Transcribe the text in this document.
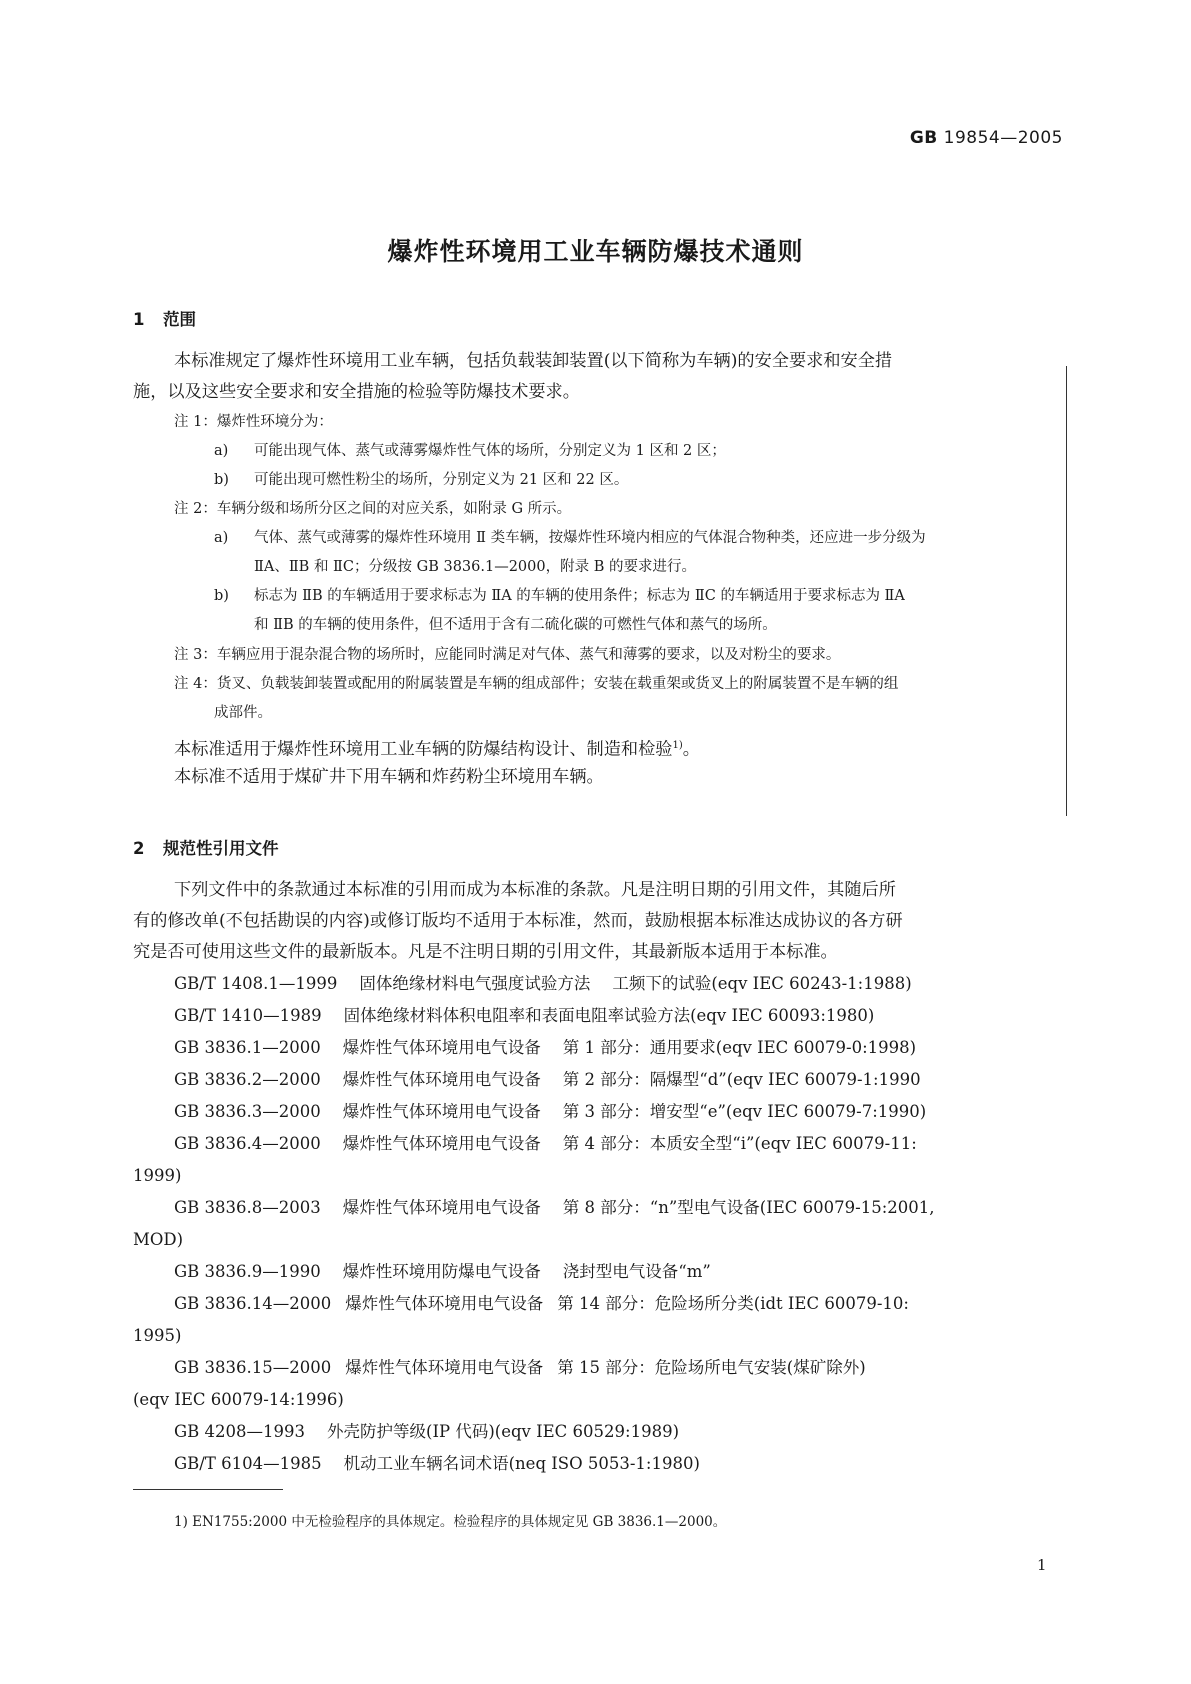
GB 19854—2005
爆炸性环境用工业车辆防爆技术通则
1 范围
本标准规定了爆炸性环境用工业车辆，包括负载装卸装置(以下简称为车辆)的安全要求和安全措
施，以及这些安全要求和安全措施的检验等防爆技术要求。
注 1：爆炸性环境分为：
a) 可能出现气体、蒸气或薄雾爆炸性气体的场所，分别定义为 1 区和 2 区；
b) 可能出现可燃性粉尘的场所，分别定义为 21 区和 22 区。
注 2：车辆分级和场所分区之间的对应关系，如附录 G 所示。
a) 气体、蒸气或薄雾的爆炸性环境用 Ⅱ 类车辆，按爆炸性环境内相应的气体混合物种类，还应进一步分级为
ⅡA、ⅡB 和 ⅡC；分级按 GB 3836.1—2000，附录 B 的要求进行。
b) 标志为 ⅡB 的车辆适用于要求标志为 ⅡA 的车辆的使用条件；标志为 ⅡC 的车辆适用于要求标志为 ⅡA
和 ⅡB 的车辆的使用条件，但不适用于含有二硫化碳的可燃性气体和蒸气的场所。
注 3：车辆应用于混杂混合物的场所时，应能同时满足对气体、蒸气和薄雾的要求，以及对粉尘的要求。
注 4：货叉、负载装卸装置或配用的附属装置是车辆的组成部件；安装在载重架或货叉上的附属装置不是车辆的组
成部件。
本标准适用于爆炸性环境用工业车辆的防爆结构设计、制造和检验$^{1)}$。
本标准不适用于煤矿井下用车辆和炸药粉尘环境用车辆。
2 规范性引用文件
下列文件中的条款通过本标准的引用而成为本标准的条款。凡是注明日期的引用文件，其随后所
有的修改单(不包括勘误的内容)或修订版均不适用于本标准，然而，鼓励根据本标准达成协议的各方研
究是否可使用这些文件的最新版本。凡是不注明日期的引用文件，其最新版本适用于本标准。
GB/T 1408.1—1999 固体绝缘材料电气强度试验方法 工频下的试验(eqv IEC 60243-1:1988)
GB/T 1410—1989 固体绝缘材料体积电阻率和表面电阻率试验方法(eqv IEC 60093:1980)
GB 3836.1—2000 爆炸性气体环境用电气设备 第 1 部分：通用要求(eqv IEC 60079-0:1998)
GB 3836.2—2000 爆炸性气体环境用电气设备 第 2 部分：隔爆型“d”(eqv IEC 60079-1:1990
GB 3836.3—2000 爆炸性气体环境用电气设备 第 3 部分：增安型“e”(eqv IEC 60079-7:1990)
GB 3836.4—2000 爆炸性气体环境用电气设备 第 4 部分：本质安全型“i”(eqv IEC 60079-11:
1999)
GB 3836.8—2003 爆炸性气体环境用电气设备 第 8 部分：“n”型电气设备(IEC 60079-15:2001,
MOD)
GB 3836.9—1990 爆炸性环境用防爆电气设备 浇封型电气设备“m”
GB 3836.14—2000 爆炸性气体环境用电气设备 第 14 部分：危险场所分类(idt IEC 60079-10:
1995)
GB 3836.15—2000 爆炸性气体环境用电气设备 第 15 部分：危险场所电气安装(煤矿除外)
(eqv IEC 60079-14:1996)
GB 4208—1993 外壳防护等级(IP 代码)(eqv IEC 60529:1989)
GB/T 6104—1985 机动工业车辆名词术语(neq ISO 5053-1:1980)
1) EN1755:2000 中无检验程序的具体规定。检验程序的具体规定见 GB 3836.1—2000。
1
